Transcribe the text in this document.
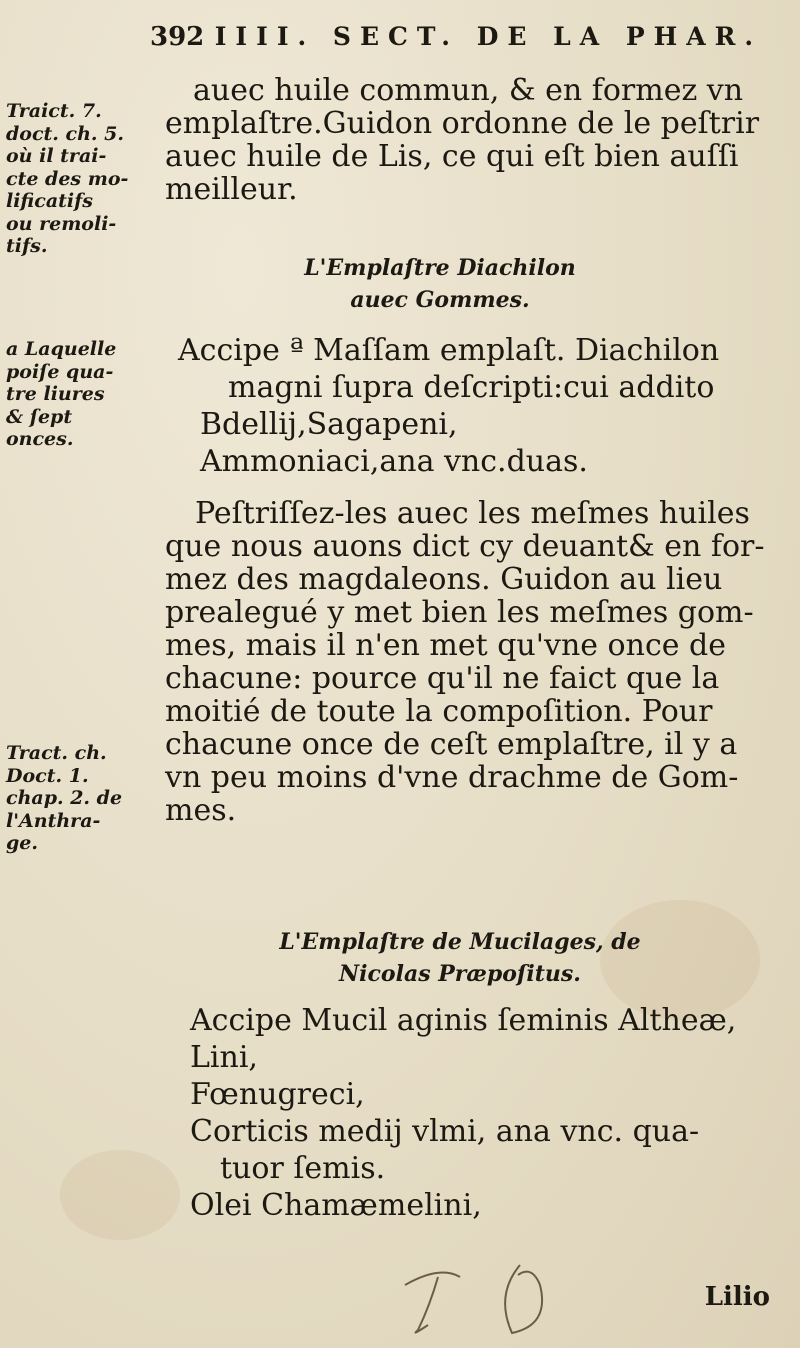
392 IIII. SECT. DE LA PHAR.
auec huile commun, & en formez vn
emplaſtre.Guidon ordonne de le peſtrir
auec huile de Lis, ce qui eſt bien auſſi
meilleur.
Traict. 7.
doct. ch. 5.
où il trai-
cte des mo-
lificatifs
ou remoli-
tifs.
L'Emplaſtre Diachilon
auec Gommes.
Accipe ª Maſſam emplaſt. Diachilon
magni ſupra deſcripti:cui addito
Bdellij,Sagapeni,
Ammoniaci,ana vnc.duas.
a Laquelle
poiſe qua-
tre liures
& ſept
onces.
Peſtriſſez-les auec les meſmes huiles
que nous auons dict cy deuant& en for-
mez des magdaleons. Guidon au lieu
prealegué y met bien les meſmes gom-
mes, mais il n'en met qu'vne once de
chacune: pource qu'il ne faict que la
moitié de toute la compoſition. Pour
chacune once de ceſt emplaſtre, il y a
vn peu moins d'vne drachme de Gom-
mes.
Tract. ch.
Doct. 1.
chap. 2. de
l'Anthra-
ge.
L'Emplaſtre de Mucilages, de
Nicolas Præpoſitus.
Accipe Mucil aginis ſeminis Altheæ,
Lini,
Fœnugreci,
Corticis medij vlmi, ana vnc. qua-
tuor ſemis.
Olei Chamæmelini,
Lilio
